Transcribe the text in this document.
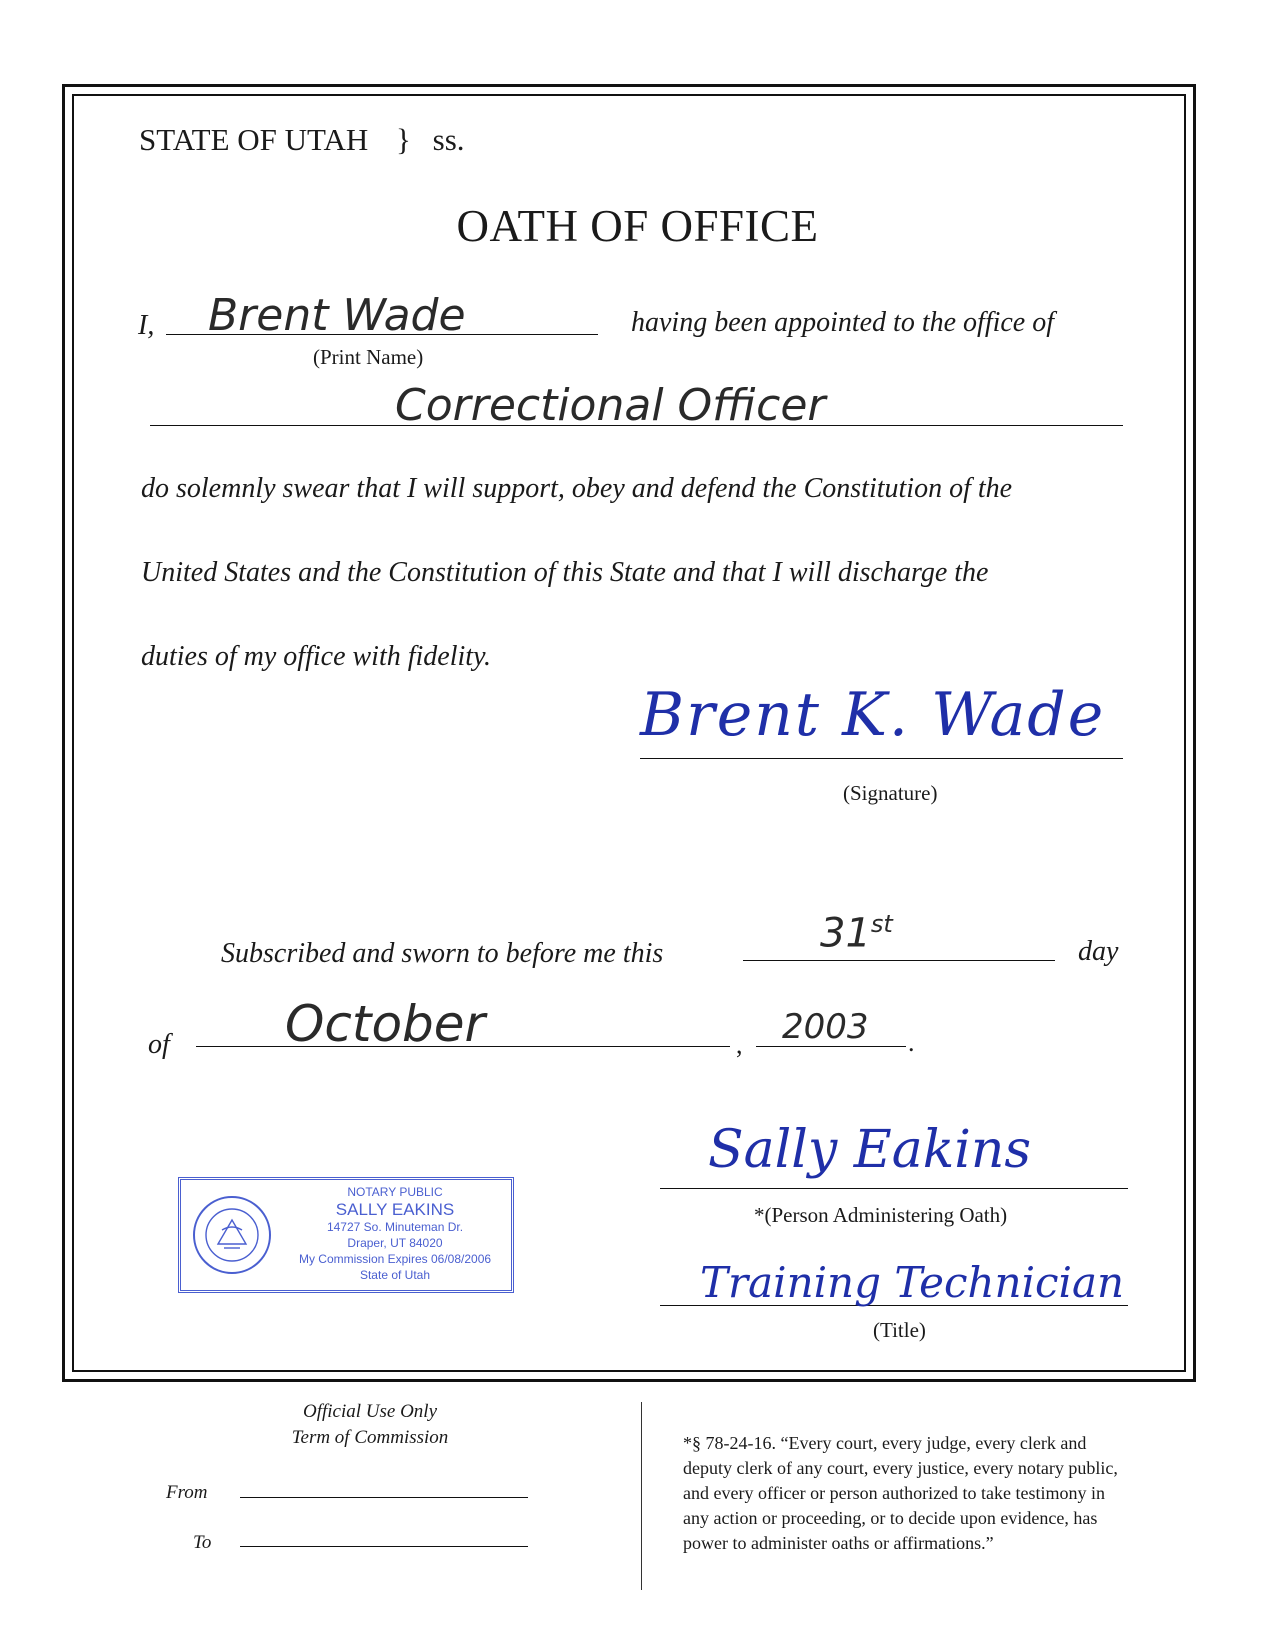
STATE OF UTAH } ss.
OATH OF OFFICE
I, Brent Wade
(Print Name)
having been appointed to the office of
Correctional Officer
do solemnly swear that I will support, obey and defend the Constitution of the
United States and the Constitution of this State and that I will discharge the
duties of my office with fidelity.
Brent K. Wade
(Signature)
Subscribed and sworn to before me this	31st
day
of October	, 2003 .
NOTARY PUBLIC
SALLY EAKINS
14727 So. Minuteman Dr.
Draper, UT 84020
My Commission Expires 06/08/2006
State of Utah
Sally Eakins
*(Person Administering Oath)
Training Technician
(Title)
Official Use Only
Term of Commission
From
To
*§ 78-24-16. “Every court, every judge, every clerk and
deputy clerk of any court, every justice, every notary public,
and every officer or person authorized to take testimony in
any action or proceeding, or to decide upon evidence, has
power to administer oaths or affirmations.”
